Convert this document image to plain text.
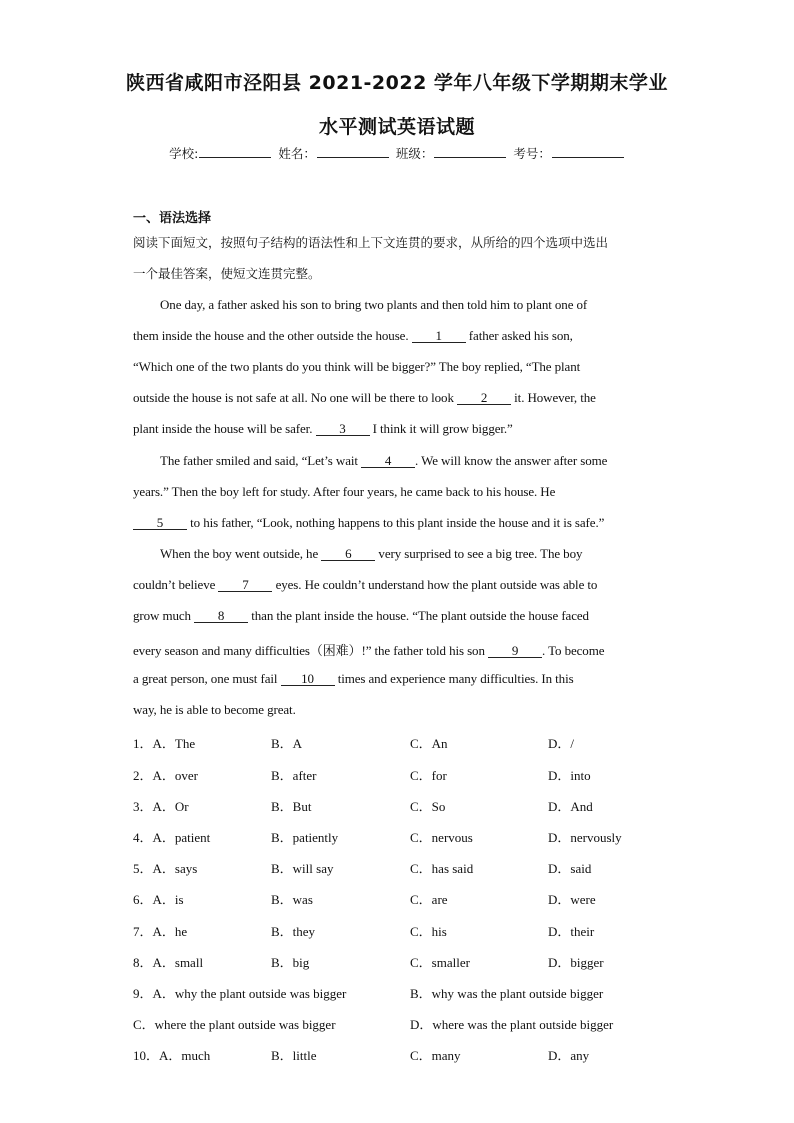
陕西省咸阳市泾阳县 2021-2022 学年八年级下学期期末学业
水平测试英语试题
学校:	姓名：	班级：	考号：
一、语法选择
阅读下面短文，按照句子结构的语法性和上下文连贯的要求，从所给的四个选项中选出
一个最佳答案，使短文连贯完整。
One day, a father asked his son to bring two plants and then told him to plant one of
them inside the house and the other outside the house. 1 father asked his son,
“Which one of the two plants do you think will be bigger?” The boy replied, “The plant
outside the house is not safe at all. No one will be there to look 2 it. However, the
plant inside the house will be safer. 3 I think it will grow bigger.”
The father smiled and said, “Let’s wait 4 . We will know the answer after some
years.” Then the boy left for study. After four years, he came back to his house. He
5 to his father, “Look, nothing happens to this plant inside the house and it is safe.”
When the boy went outside, he 6 very surprised to see a big tree. The boy
couldn’t believe 7 eyes. He couldn’t understand how the plant outside was able to
grow much 8 than the plant inside the house. “The plant outside the house faced
every season and many difficulties（困难）!” the father told his son 9 . To become
a great person, one must fail 10 times and experience many difficulties. In this
way, he is able to become great.
1．A．The	B．A	C．An	D．/
2．A．over	B．after	C．for	D．into
3．A．Or	B．But	C．So	D．And
4．A．patient	B．patiently	C．nervous	D．nervously
5．A．says	B．will say	C．has said	D．said
6．A．is	B．was	C．are	D．were
7．A．he	B．they	C．his	D．their
8．A．small	B．big	C．smaller	D．bigger
9．A．why the plant outside was bigger	B．why was the plant outside bigger
C．where the plant outside was bigger	D．where was the plant outside bigger
10．A．much	B．little	C．many	D．any
